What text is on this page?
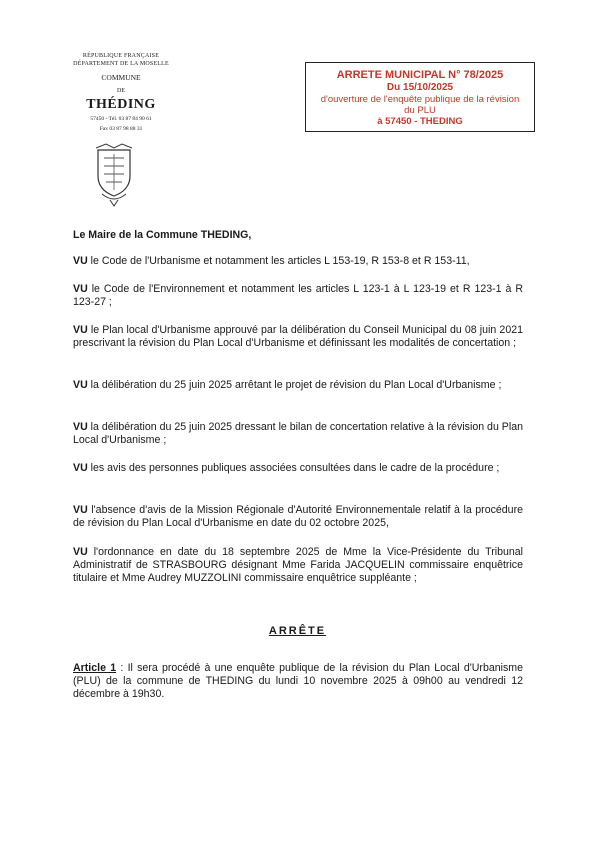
RÉPUBLIQUE FRANÇAISE
DÉPARTEMENT DE LA MOSELLE
COMMUNE
DE
THÉDING
57450 - Tél. 03 87 84 90 61
Fax 03 87 98 88 31
ARRETE MUNICIPAL N° 78/2025
Du 15/10/2025
d'ouverture de l'enquête publique de la révision
du PLU
à 57450 - THEDING
Le Maire de la Commune THEDING,
VU le Code de l'Urbanisme et notamment les articles L 153-19, R 153-8 et R 153-11,
VU le Code de l'Environnement et notamment les articles L 123-1 à L 123-19 et R 123-1 à R 123-27 ;
VU le Plan local d'Urbanisme approuvé par la délibération du Conseil Municipal du 08 juin 2021 prescrivant la révision du Plan Local d'Urbanisme et définissant les modalités de concertation ;
VU la délibération du 25 juin 2025 arrêtant le projet de révision du Plan Local d'Urbanisme ;
VU la délibération du 25 juin 2025 dressant le bilan de concertation relative à la révision du Plan Local d'Urbanisme ;
VU les avis des personnes publiques associées consultées dans le cadre de la procédure ;
VU l'absence d'avis de la Mission Régionale d'Autorité Environnementale relatif à la procédure de révision du Plan Local d'Urbanisme en date du 02 octobre 2025,
VU l'ordonnance en date du 18 septembre 2025 de Mme la Vice-Présidente du Tribunal Administratif de STRASBOURG désignant Mme Farida JACQUELIN commissaire enquêtrice titulaire et Mme Audrey MUZZOLINI commissaire enquêtrice suppléante ;
ARRÊTE
Article 1 : Il sera procédé à une enquête publique de la révision du Plan Local d'Urbanisme (PLU) de la commune de THEDING du lundi 10 novembre 2025 à 09h00 au vendredi 12 décembre à 19h30.
